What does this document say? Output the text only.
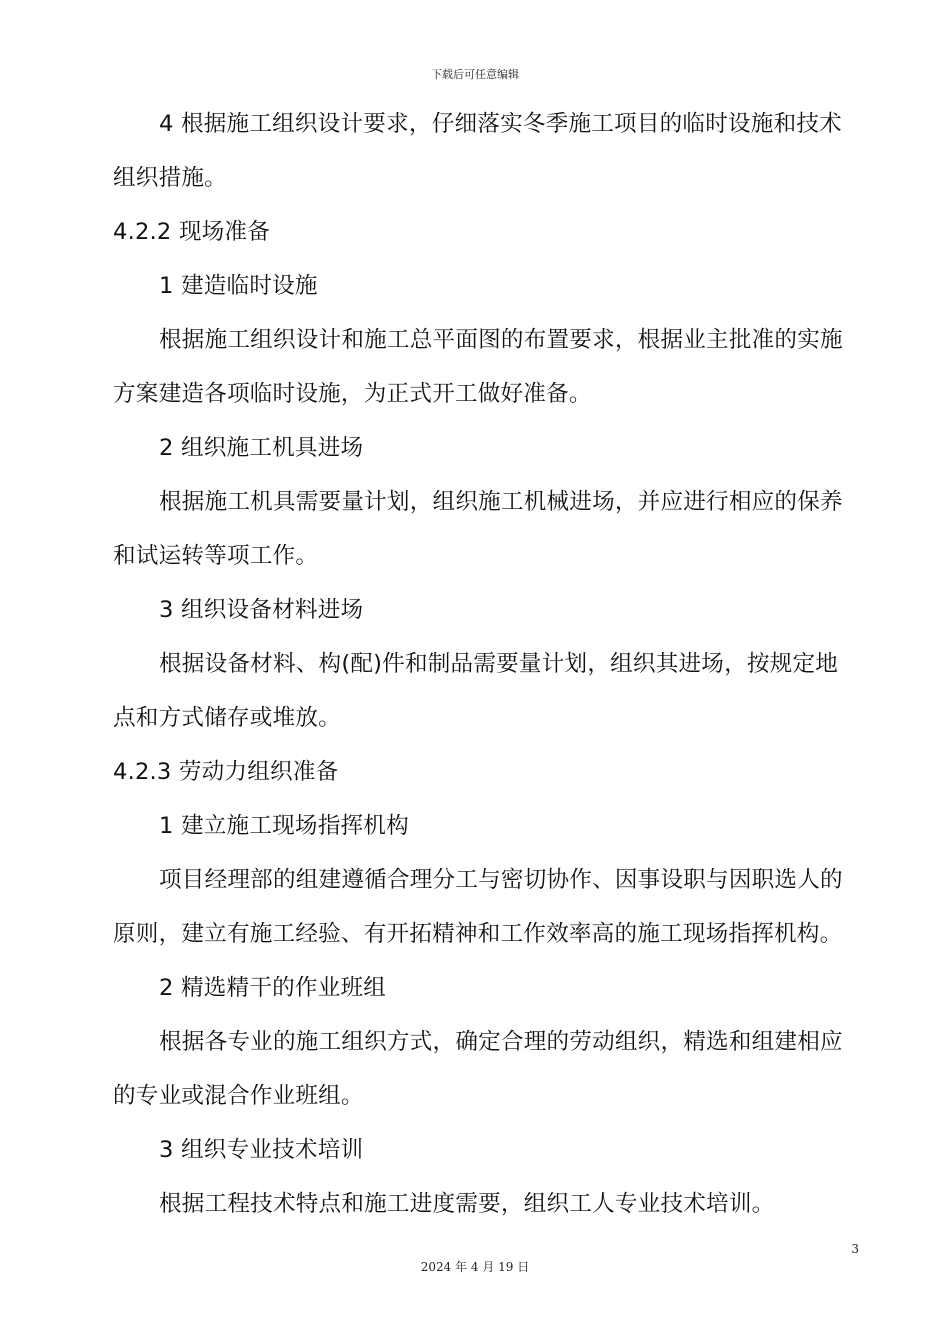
下载后可任意编辑
4 根据施工组织设计要求，仔细落实冬季施工项目的临时设施和技术
组织措施。
4.2.2 现场准备
1 建造临时设施
根据施工组织设计和施工总平面图的布置要求，根据业主批准的实施
方案建造各项临时设施，为正式开工做好准备。
2 组织施工机具进场
根据施工机具需要量计划，组织施工机械进场，并应进行相应的保养
和试运转等项工作。
3 组织设备材料进场
根据设备材料、构(配)件和制品需要量计划，组织其进场，按规定地
点和方式储存或堆放。
4.2.3 劳动力组织准备
1 建立施工现场指挥机构
项目经理部的组建遵循合理分工与密切协作、因事设职与因职选人的
原则，建立有施工经验、有开拓精神和工作效率高的施工现场指挥机构。
2 精选精干的作业班组
根据各专业的施工组织方式，确定合理的劳动组织，精选和组建相应
的专业或混合作业班组。
3 组织专业技术培训
根据工程技术特点和施工进度需要，组织工人专业技术培训。
3
2024 年 4 月 19 日
